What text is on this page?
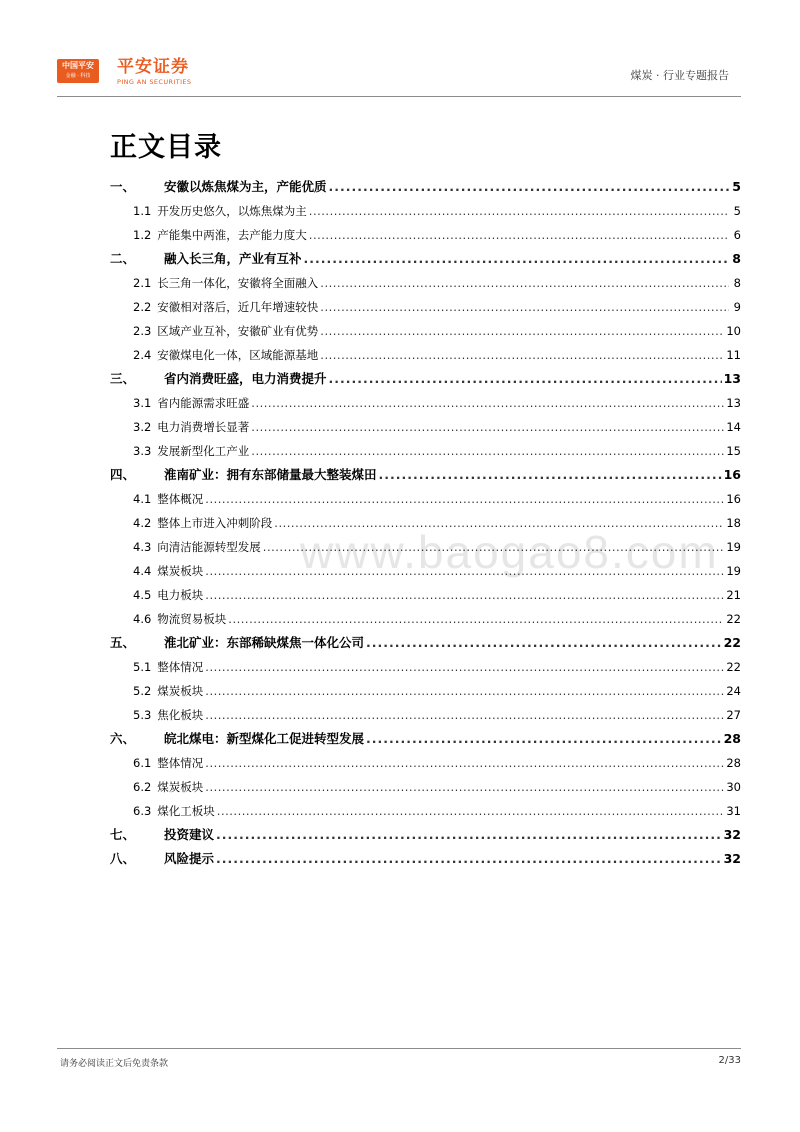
中国平安
金融 · 科技	平安证券
PING AN SECURITIES	煤炭 · 行业专题报告
正文目录
www.baogao8.com
一、	安徽以炼焦煤为主，产能优质 .....	5
1.1 开发历史悠久，以炼焦煤为主 .....	5
1.2 产能集中两淮，去产能力度大 .....	6
二、	融入长三角，产业有互补 .....	8
2.1 长三角一体化，安徽将全面融入 .....	8
2.2 安徽相对落后，近几年增速较快 .....	9
2.3 区域产业互补，安徽矿业有优势 .....	10
2.4 安徽煤电化一体，区域能源基地 .....	11
三、	省内消费旺盛，电力消费提升 .....	13
3.1 省内能源需求旺盛 .....	13
3.2 电力消费增长显著 .....	14
3.3 发展新型化工产业 .....	15
四、	淮南矿业：拥有东部储量最大整装煤田 .....	16
4.1 整体概况 .....	16
4.2 整体上市进入冲刺阶段 .....	18
4.3 向清洁能源转型发展 .....	19
4.4 煤炭板块 .....	19
4.5 电力板块 .....	21
4.6 物流贸易板块 .....	22
五、	淮北矿业：东部稀缺煤焦一体化公司 .....	22
5.1 整体情况 .....	22
5.2 煤炭板块 .....	24
5.3 焦化板块 .....	27
六、	皖北煤电：新型煤化工促进转型发展 .....	28
6.1 整体情况 .....	28
6.2 煤炭板块 .....	30
6.3 煤化工板块 .....	31
七、	投资建议 .....	32
八、	风险提示 .....	32
请务必阅读正文后免责条款	2/33
